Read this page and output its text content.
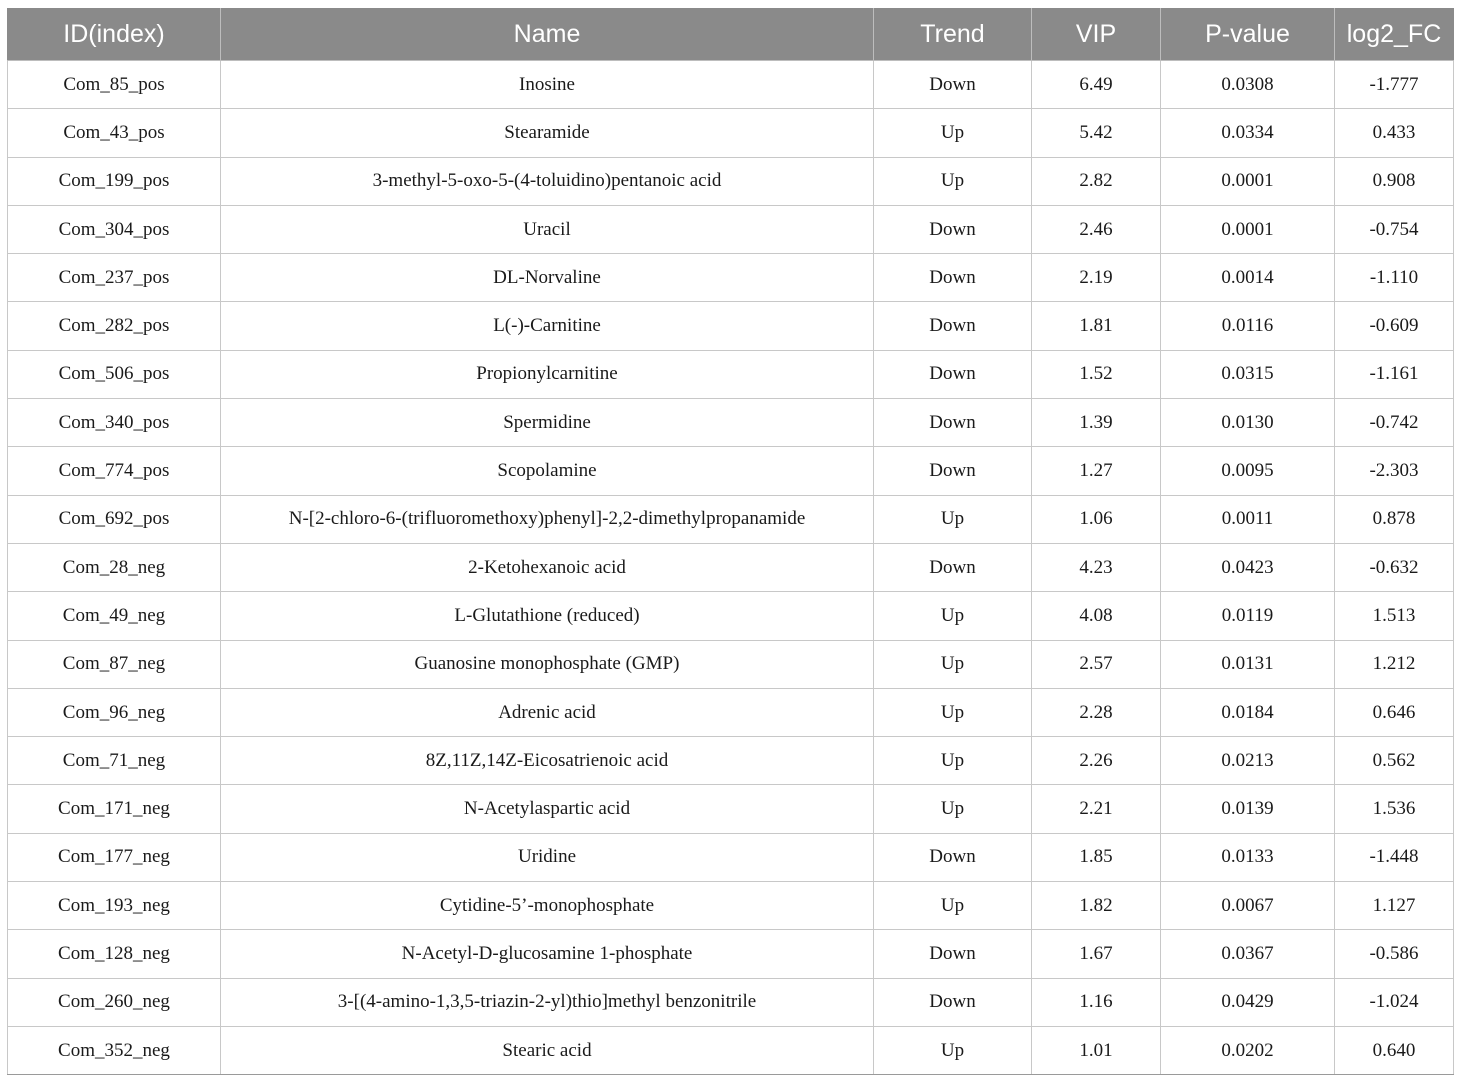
ID(index)	Name	Trend	VIP	P-value	log2_FC
Com_85_pos	Inosine	Down	6.49	0.0308	-1.777
Com_43_pos	Stearamide	Up	5.42	0.0334	0.433
Com_199_pos	3-methyl-5-oxo-5-(4-toluidino)pentanoic acid	Up	2.82	0.0001	0.908
Com_304_pos	Uracil	Down	2.46	0.0001	-0.754
Com_237_pos	DL-Norvaline	Down	2.19	0.0014	-1.110
Com_282_pos	L(-)-Carnitine	Down	1.81	0.0116	-0.609
Com_506_pos	Propionylcarnitine	Down	1.52	0.0315	-1.161
Com_340_pos	Spermidine	Down	1.39	0.0130	-0.742
Com_774_pos	Scopolamine	Down	1.27	0.0095	-2.303
Com_692_pos	N-[2-chloro-6-(trifluoromethoxy)phenyl]-2,2-dimethylpropanamide	Up	1.06	0.0011	0.878
Com_28_neg	2-Ketohexanoic acid	Down	4.23	0.0423	-0.632
Com_49_neg	L-Glutathione (reduced)	Up	4.08	0.0119	1.513
Com_87_neg	Guanosine monophosphate (GMP)	Up	2.57	0.0131	1.212
Com_96_neg	Adrenic acid	Up	2.28	0.0184	0.646
Com_71_neg	8Z,11Z,14Z-Eicosatrienoic acid	Up	2.26	0.0213	0.562
Com_171_neg	N-Acetylaspartic acid	Up	2.21	0.0139	1.536
Com_177_neg	Uridine	Down	1.85	0.0133	-1.448
Com_193_neg	Cytidine-5’-monophosphate	Up	1.82	0.0067	1.127
Com_128_neg	N-Acetyl-D-glucosamine 1-phosphate	Down	1.67	0.0367	-0.586
Com_260_neg	3-[(4-amino-1,3,5-triazin-2-yl)thio]methyl benzonitrile	Down	1.16	0.0429	-1.024
Com_352_neg	Stearic acid	Up	1.01	0.0202	0.640
